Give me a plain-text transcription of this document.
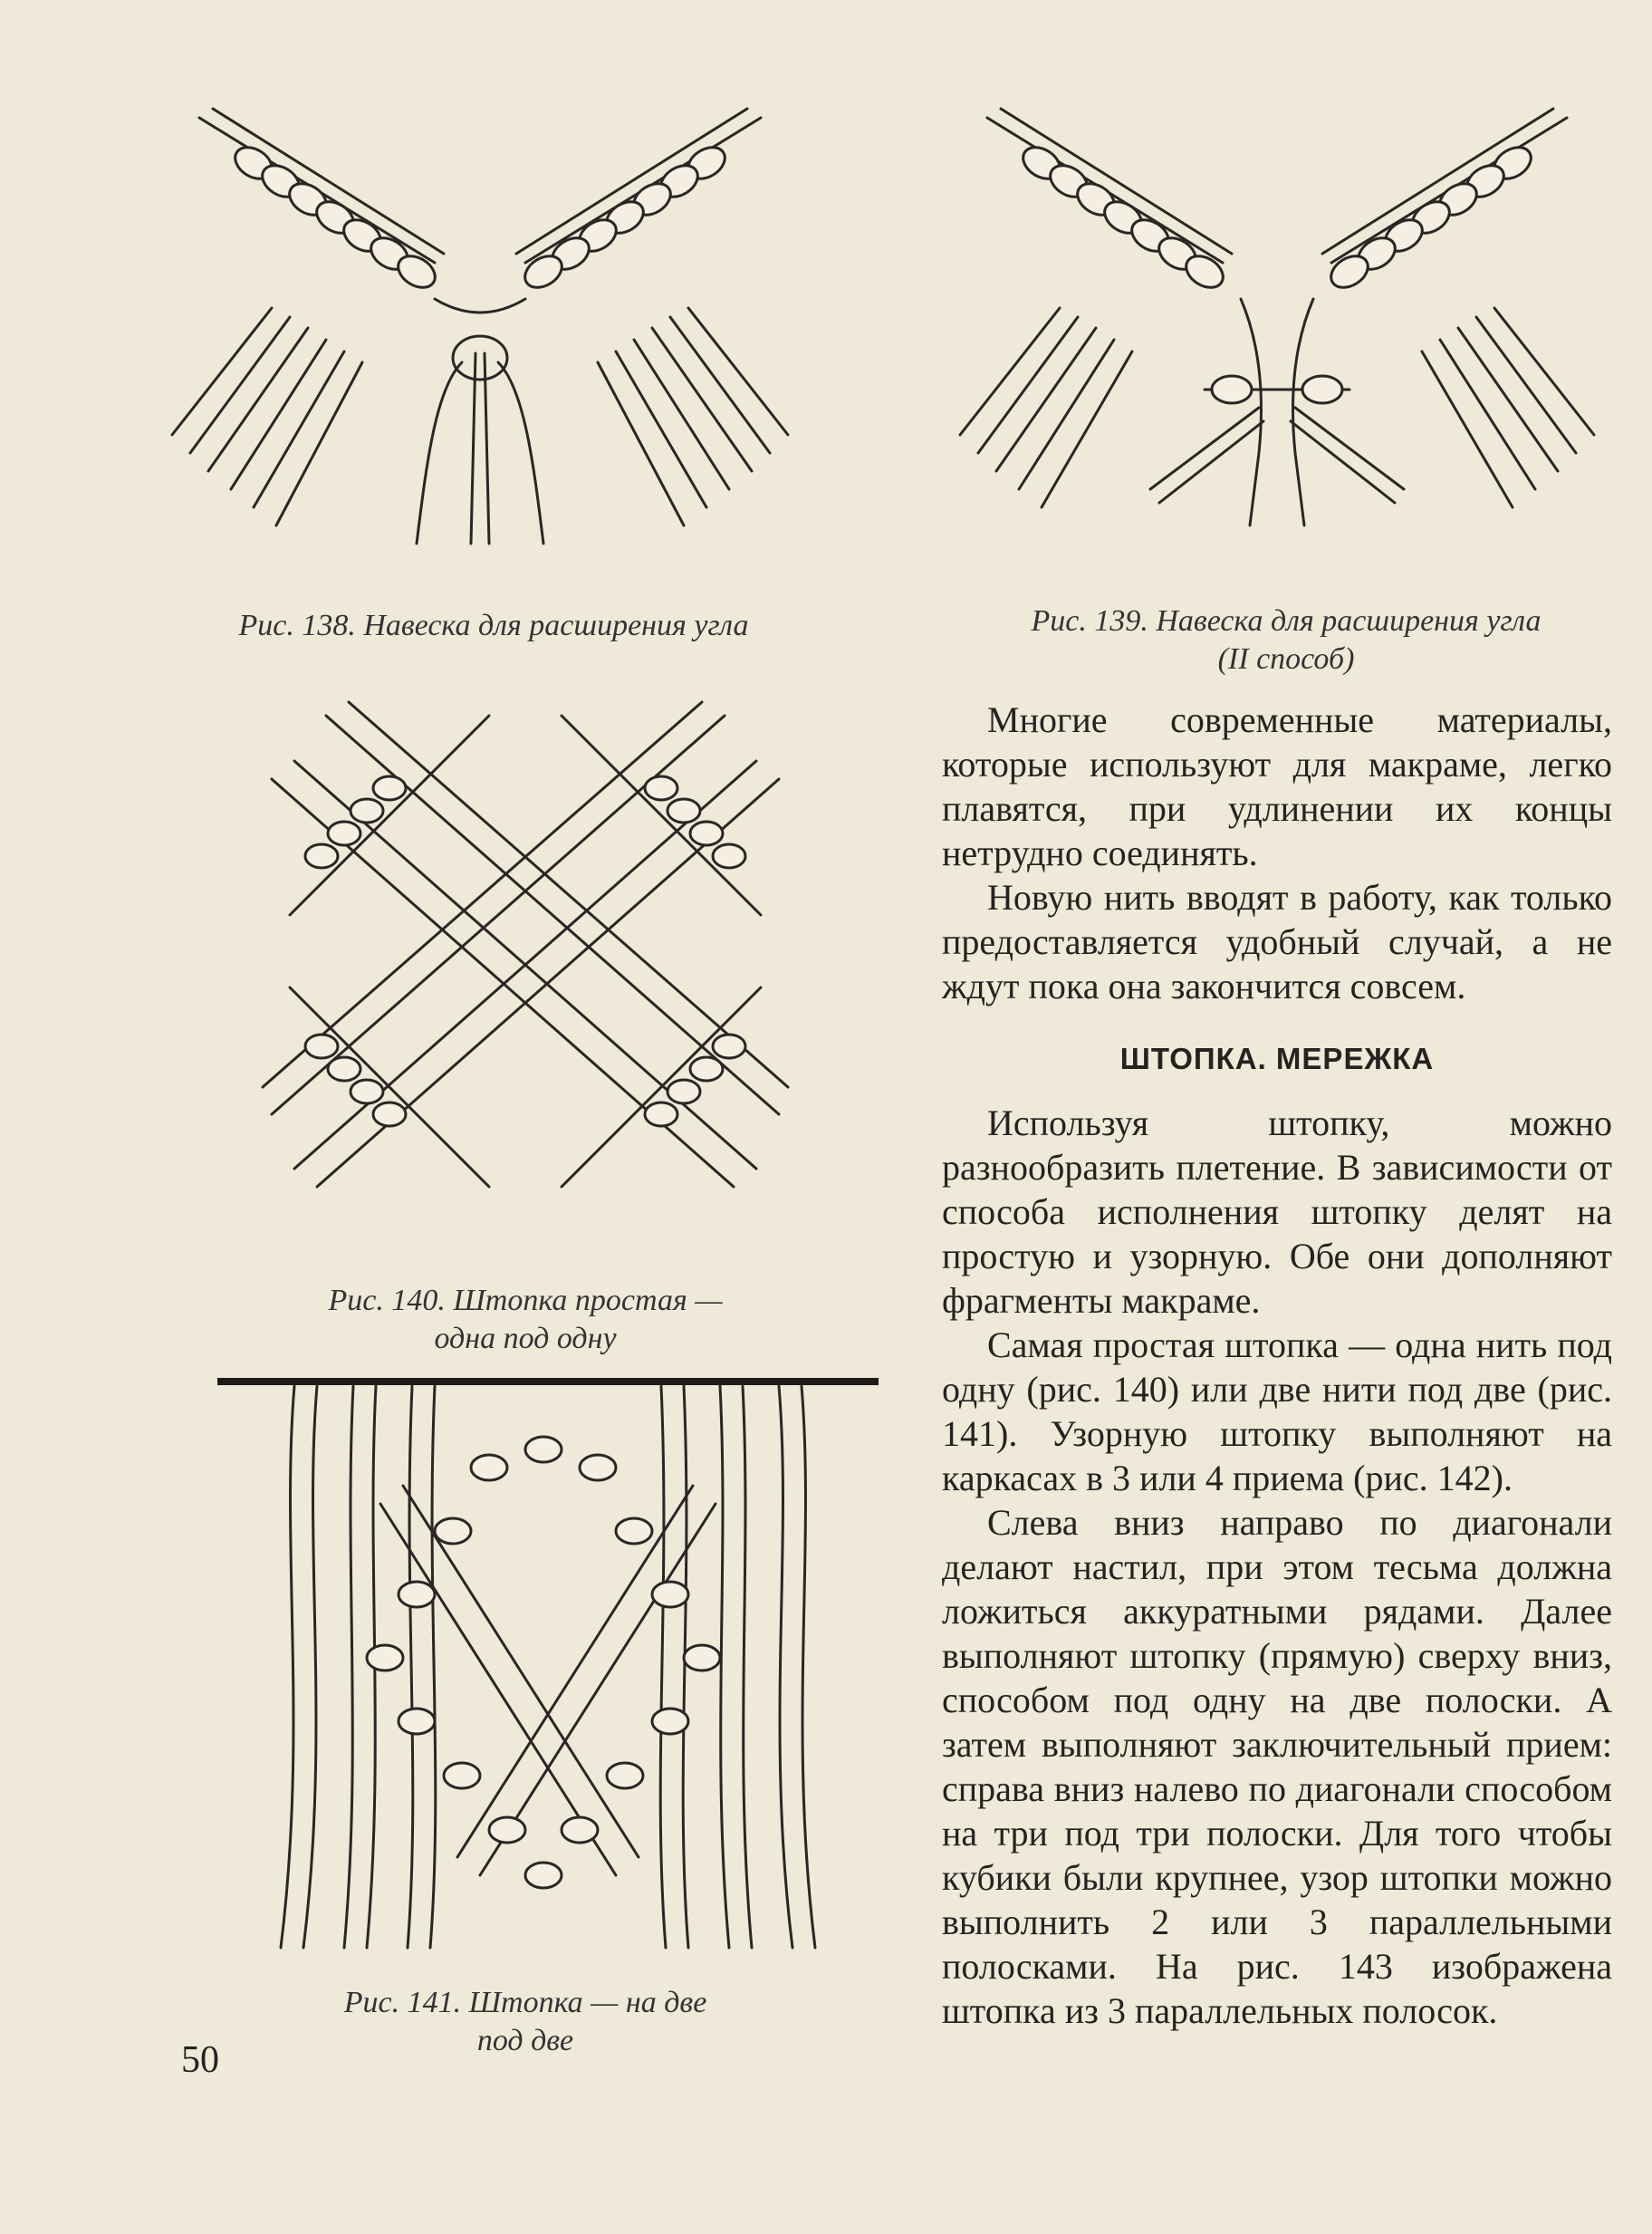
Рис. 138. Навеска для расширения угла	Рис. 139. Навеска для расширения угла
(II способ)
Рис. 140. Штопка простая —
одна под одну
Рис. 141. Штопка — на две
под две

Многие современные материалы, которые используют для макраме, легко плавятся, при удлинении их концы нетрудно соединять.

Новую нить вводят в работу, как только предоставляется удобный случай, а не ждут пока она закончится совсем.

ШТОПКА. МЕРЕЖКА

Используя штопку, можно разнообразить плетение. В зависимости от способа исполнения штопку делят на простую и узорную. Обе они дополняют фрагменты макраме.

Самая простая штопка — одна нить под одну (рис. 140) или две нити под две (рис. 141). Узорную штопку выполняют на каркасах в 3 или 4 приема (рис. 142).

Слева вниз направо по диагонали делают настил, при этом тесьма должна ложиться аккуратными рядами. Далее выполняют штопку (прямую) сверху вниз, способом под одну на две полоски. А затем выполняют заключительный прием: справа вниз налево по диагонали способом на три под три полоски. Для того чтобы кубики были крупнее, узор штопки можно выполнить 2 или 3 параллельными полосками. На рис. 143 изображена штопка из 3 параллельных полосок.

50
